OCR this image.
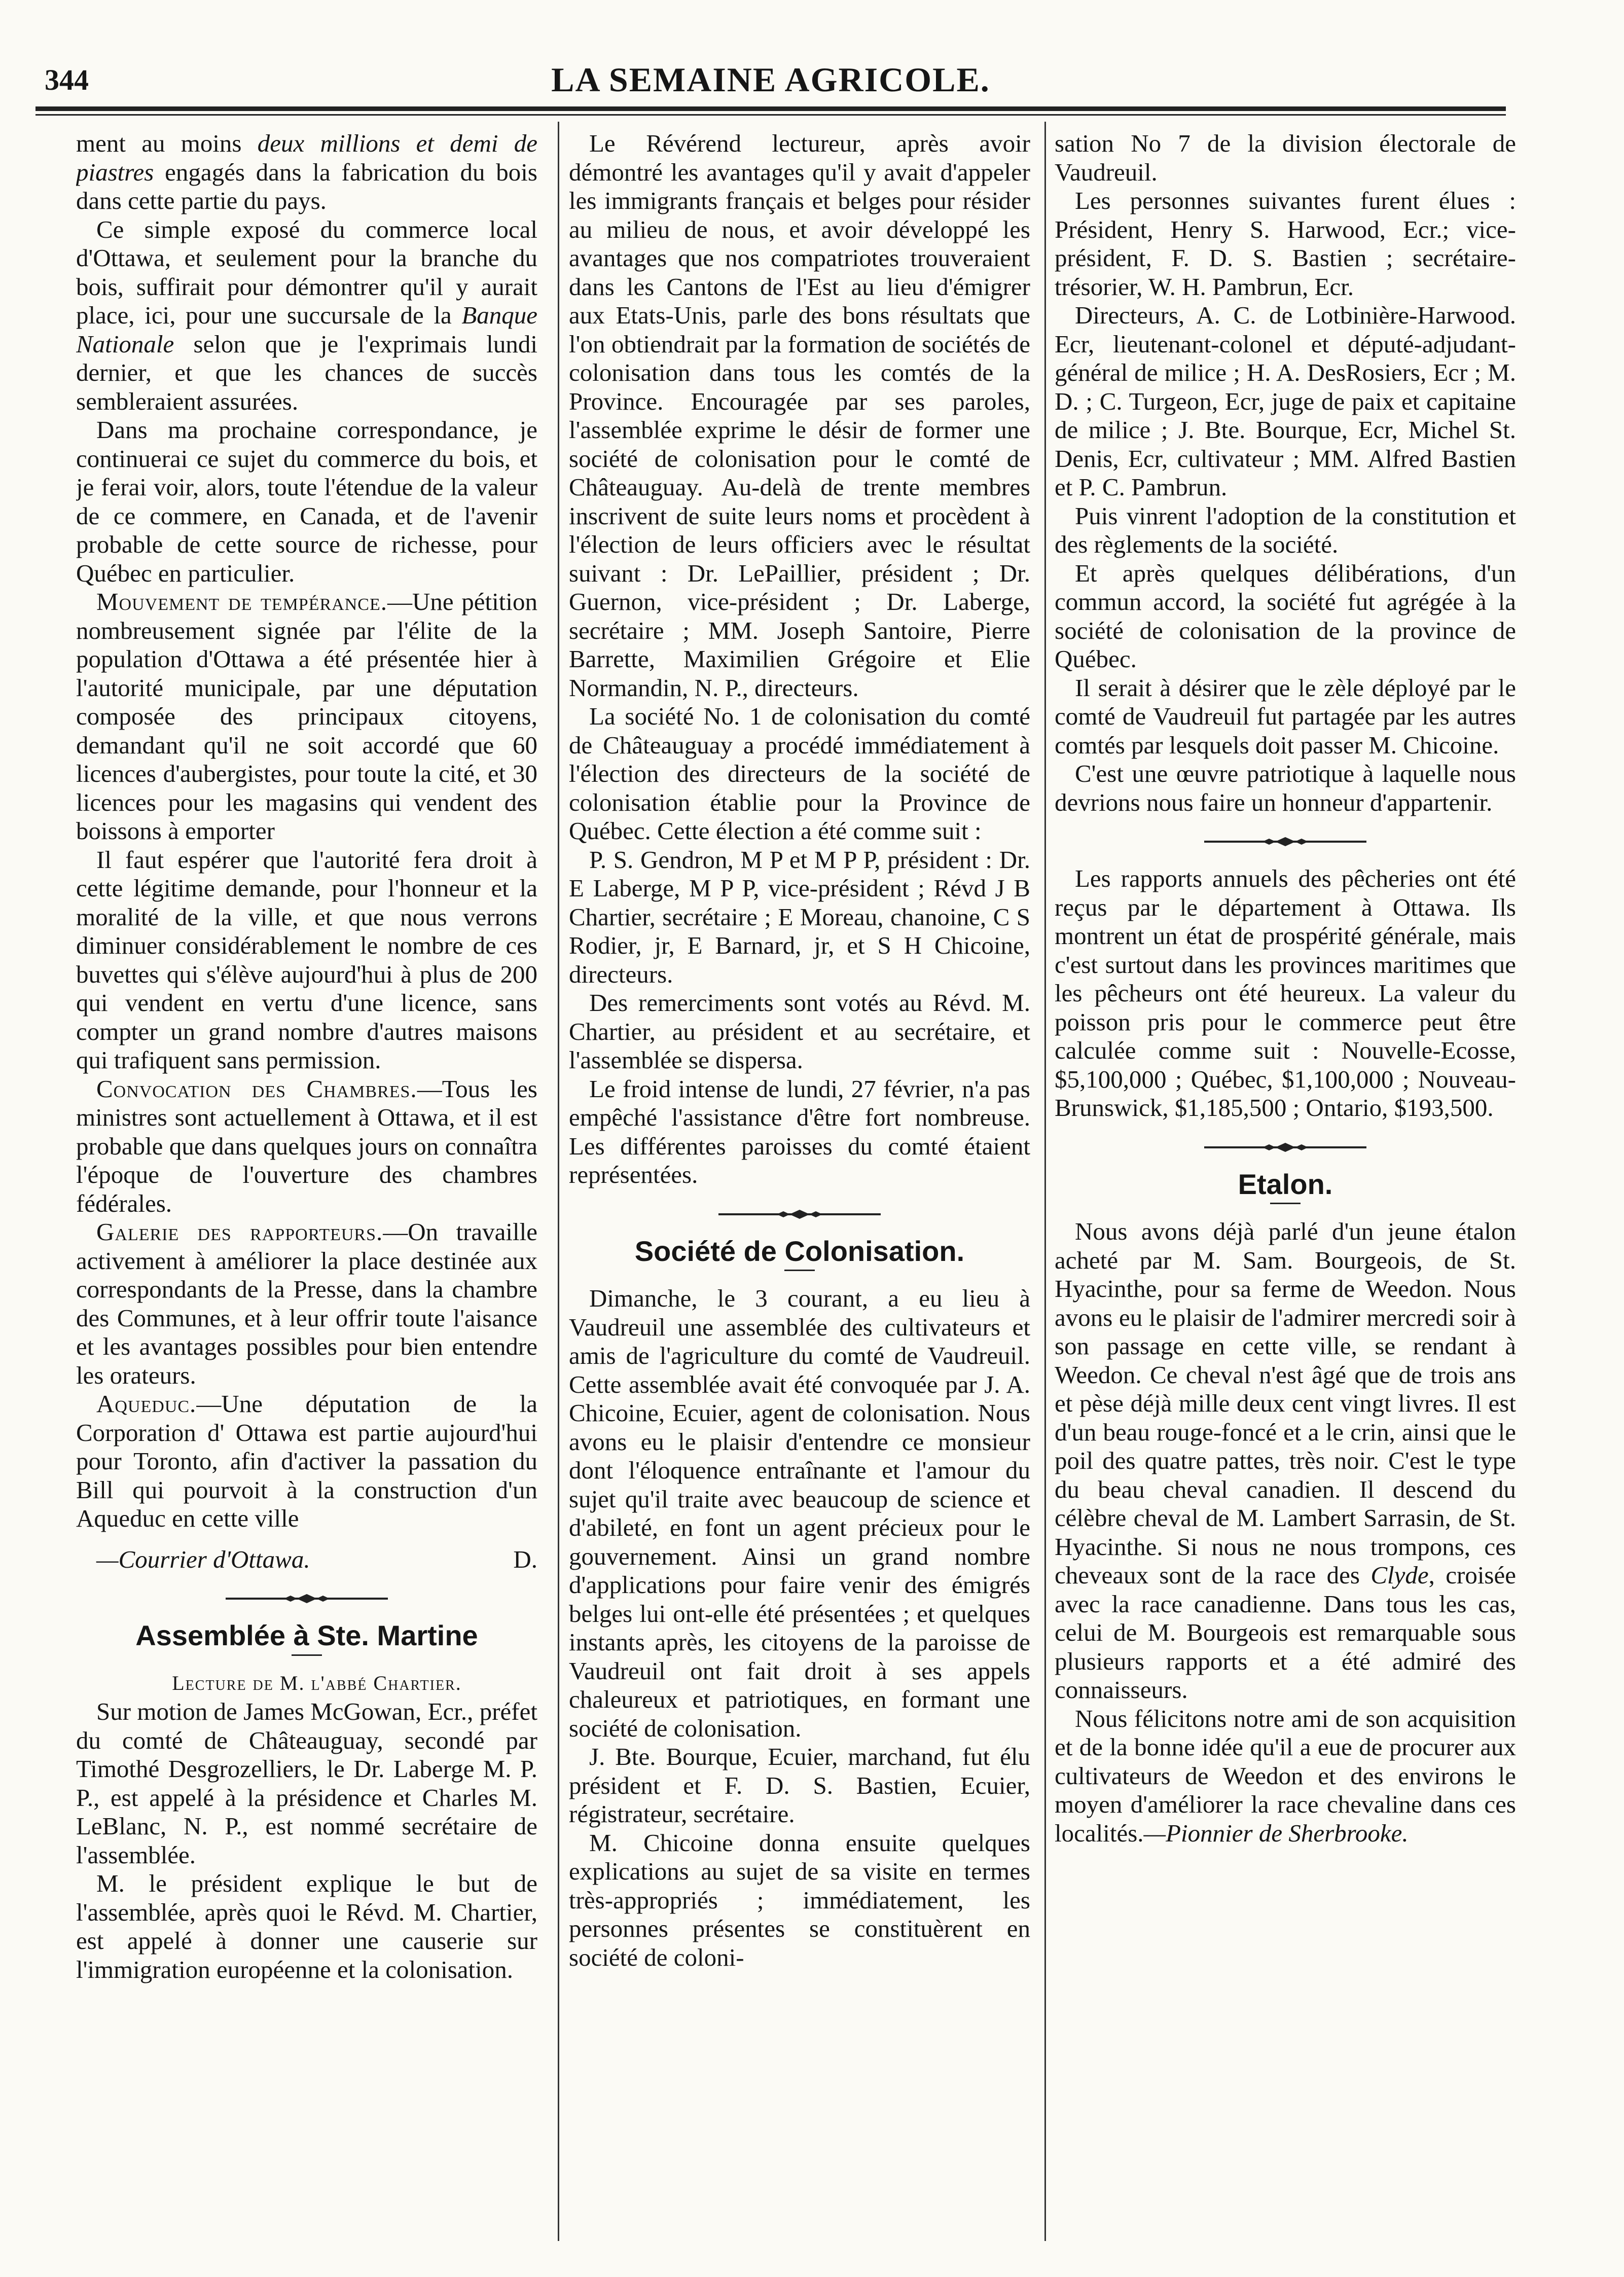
344	LA SEMAINE AGRICOLE.

ment au moins deux millions et demi de piastres engagés dans la fabrication du bois dans cette partie du pays.

Ce simple exposé du commerce local d'Ottawa, et seulement pour la branche du bois, suffirait pour démontrer qu'il y aurait place, ici, pour une succursale de la Banque Nationale selon que je l'exprimais lundi dernier, et que les chances de succès sembleraient assurées.

Dans ma prochaine correspondance, je continuerai ce sujet du commerce du bois, et je ferai voir, alors, toute l'étendue de la valeur de ce commere, en Canada, et de l'avenir probable de cette source de richesse, pour Québec en particulier.

Mouvement de tempérance.—Une pétition nombreusement signée par l'élite de la population d'Ottawa a été présentée hier à l'autorité municipale, par une députation composée des principaux citoyens, demandant qu'il ne soit accordé que 60 licences d'aubergistes, pour toute la cité, et 30 licences pour les magasins qui vendent des boissons à emporter

Il faut espérer que l'autorité fera droit à cette légitime demande, pour l'honneur et la moralité de la ville, et que nous verrons diminuer considérablement le nombre de ces buvettes qui s'élève aujourd'hui à plus de 200 qui vendent en vertu d'une licence, sans compter un grand nombre d'autres maisons qui trafiquent sans permission.

Convocation des Chambres.—Tous les ministres sont actuellement à Ottawa, et il est probable que dans quelques jours on connaîtra l'époque de l'ouverture des chambres fédérales.

Galerie des rapporteurs.—On travaille activement à améliorer la place destinée aux correspondants de la Presse, dans la chambre des Communes, et à leur offrir toute l'aisance et les avantages possibles pour bien entendre les orateurs.

Aqueduc.—Une députation de la Corporation d' Ottawa est partie aujourd'hui pour Toronto, afin d'activer la passation du Bill qui pourvoit à la construction d'un Aqueduc en cette ville

—Courrier d'Ottawa.	D.

Assemblée à Ste. Martine

Lecture de M. l'abbé Chartier.

Sur motion de James McGowan, Ecr., préfet du comté de Châteauguay, secondé par Timothé Desgrozelliers, le Dr. Laberge M. P. P., est appelé à la présidence et Charles M. LeBlanc, N. P., est nommé secrétaire de l'assemblée.

M. le président explique le but de l'assemblée, après quoi le Révd. M. Chartier, est appelé à donner une causerie sur l'immigration européenne et la colonisation.

Le Révérend lectureur, après avoir démontré les avantages qu'il y avait d'appeler les immigrants français et belges pour résider au milieu de nous, et avoir développé les avantages que nos compatriotes trouveraient dans les Cantons de l'Est au lieu d'émigrer aux Etats-Unis, parle des bons résultats que l'on obtiendrait par la formation de sociétés de colonisation dans tous les comtés de la Province. Encouragée par ses paroles, l'assemblée exprime le désir de former une société de colonisation pour le comté de Châteauguay. Au-delà de trente membres inscrivent de suite leurs noms et procèdent à l'élection de leurs officiers avec le résultat suivant : Dr. LePaillier, président ; Dr. Guernon, vice-président ; Dr. Laberge, secrétaire ; MM. Joseph Santoire, Pierre Barrette, Maximilien Grégoire et Elie Normandin, N. P., directeurs.

La société No. 1 de colonisation du comté de Châteauguay a procédé immédiatement à l'élection des directeurs de la société de colonisation établie pour la Province de Québec. Cette élection a été comme suit :

P. S. Gendron, M P et M P P, président : Dr. E Laberge, M P P, vice-président ; Révd J B Chartier, secrétaire ; E Moreau, chanoine, C S Rodier, jr, E Barnard, jr, et S H Chicoine, directeurs.

Des remerciments sont votés au Révd. M. Chartier, au président et au secrétaire, et l'assemblée se dispersa.

Le froid intense de lundi, 27 février, n'a pas empêché l'assistance d'être fort nombreuse. Les différentes paroisses du comté étaient représentées.

Société de Colonisation.

Dimanche, le 3 courant, a eu lieu à Vaudreuil une assemblée des cultivateurs et amis de l'agriculture du comté de Vaudreuil. Cette assemblée avait été convoquée par J. A. Chicoine, Ecuier, agent de colonisation. Nous avons eu le plaisir d'entendre ce monsieur dont l'éloquence entraînante et l'amour du sujet qu'il traite avec beaucoup de science et d'abileté, en font un agent précieux pour le gouvernement. Ainsi un grand nombre d'applications pour faire venir des émigrés belges lui ont-elle été présentées ; et quelques instants après, les citoyens de la paroisse de Vaudreuil ont fait droit à ses appels chaleureux et patriotiques, en formant une société de colonisation.

J. Bte. Bourque, Ecuier, marchand, fut élu président et F. D. S. Bastien, Ecuier, régistrateur, secrétaire.

M. Chicoine donna ensuite quelques explications au sujet de sa visite en termes très-appropriés ; immédiatement, les personnes présentes se constituèrent en société de coloni-

sation No 7 de la division électorale de Vaudreuil.

Les personnes suivantes furent élues : Président, Henry S. Harwood, Ecr.; vice-président, F. D. S. Bastien ; secrétaire-trésorier, W. H. Pambrun, Ecr.

Directeurs, A. C. de Lotbinière-Harwood. Ecr, lieutenant-colonel et député-adjudant-général de milice ; H. A. DesRosiers, Ecr ; M. D. ; C. Turgeon, Ecr, juge de paix et capitaine de milice ; J. Bte. Bourque, Ecr, Michel St. Denis, Ecr, cultivateur ; MM. Alfred Bastien et P. C. Pambrun.

Puis vinrent l'adoption de la constitution et des règlements de la société.

Et après quelques délibérations, d'un commun accord, la société fut agrégée à la société de colonisation de la province de Québec.

Il serait à désirer que le zèle déployé par le comté de Vaudreuil fut partagée par les autres comtés par lesquels doit passer M. Chicoine.

C'est une œuvre patriotique à laquelle nous devrions nous faire un honneur d'appartenir.

Les rapports annuels des pêcheries ont été reçus par le département à Ottawa. Ils montrent un état de prospérité générale, mais c'est surtout dans les provinces maritimes que les pêcheurs ont été heureux. La valeur du poisson pris pour le commerce peut être calculée comme suit : Nouvelle-Ecosse, $5,100,000 ; Québec, $1,100,000 ; Nouveau-Brunswick, $1,185,500 ; Ontario, $193,500.

Etalon.

Nous avons déjà parlé d'un jeune étalon acheté par M. Sam. Bourgeois, de St. Hyacinthe, pour sa ferme de Weedon. Nous avons eu le plaisir de l'admirer mercredi soir à son passage en cette ville, se rendant à Weedon. Ce cheval n'est âgé que de trois ans et pèse déjà mille deux cent vingt livres. Il est d'un beau rouge-foncé et a le crin, ainsi que le poil des quatre pattes, très noir. C'est le type du beau cheval canadien. Il descend du célèbre cheval de M. Lambert Sarrasin, de St. Hyacinthe. Si nous ne nous trompons, ces cheveaux sont de la race des Clyde, croisée avec la race canadienne. Dans tous les cas, celui de M. Bourgeois est remarquable sous plusieurs rapports et a été admiré des connaisseurs.

Nous félicitons notre ami de son acquisition et de la bonne idée qu'il a eue de procurer aux cultivateurs de Weedon et des environs le moyen d'améliorer la race chevaline dans ces localités.—Pionnier de Sherbrooke.
